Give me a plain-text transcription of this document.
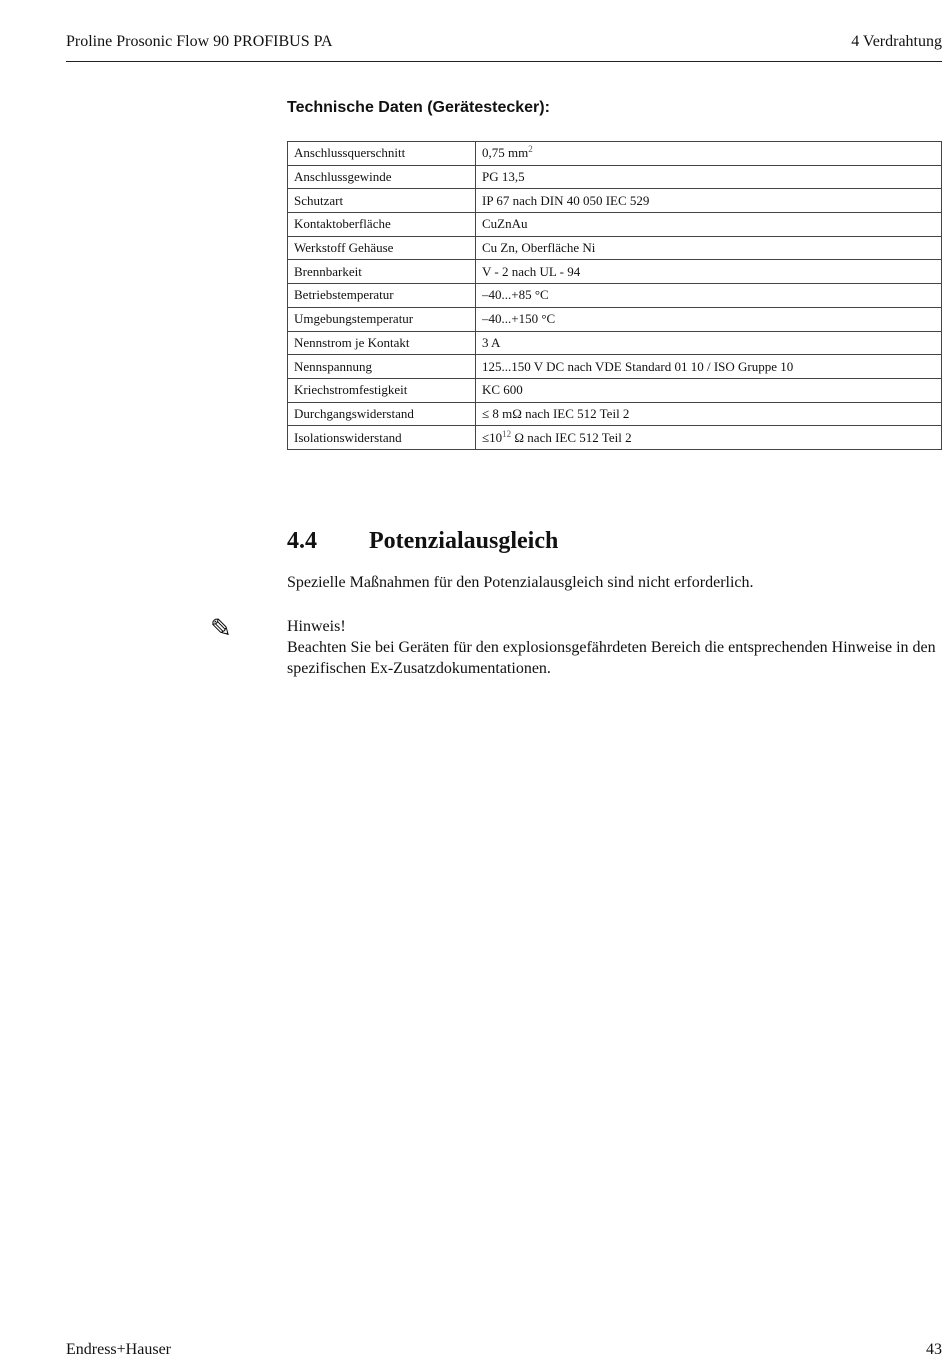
Proline Prosonic Flow 90 PROFIBUS PA	4 Verdrahtung
Technische Daten (Gerätestecker):
Anschlussquerschnitt	0,75 $mm^2$
Anschlussgewinde	PG 13,5
Schutzart	IP 67 nach DIN 40 050 IEC 529
Kontaktoberfläche	CuZnAu
Werkstoff Gehäuse	Cu Zn, Oberfläche Ni
Brennbarkeit	V - 2 nach UL - 94
Betriebstemperatur	–40...+85 °C
Umgebungstemperatur	–40...+150 °C
Nennstrom je Kontakt	3 A
Nennspannung	125...150 V DC nach VDE Standard 01 10 / ISO Gruppe 10
Kriechstromfestigkeit	KC 600
Durchgangswiderstand	≤ 8 mΩ nach IEC 512 Teil 2
Isolationswiderstand	$\le 10^{12}$ Ω nach IEC 512 Teil 2
4.4 Potenzialausgleich
Spezielle Maßnahmen für den Potenzialausgleich sind nicht erforderlich.
✎	Hinweis!
Beachten Sie bei Geräten für den explosionsgefährdeten Bereich die entsprechenden Hinweise in den spezifischen Ex-Zusatzdokumentationen.
Endress+Hauser	43
